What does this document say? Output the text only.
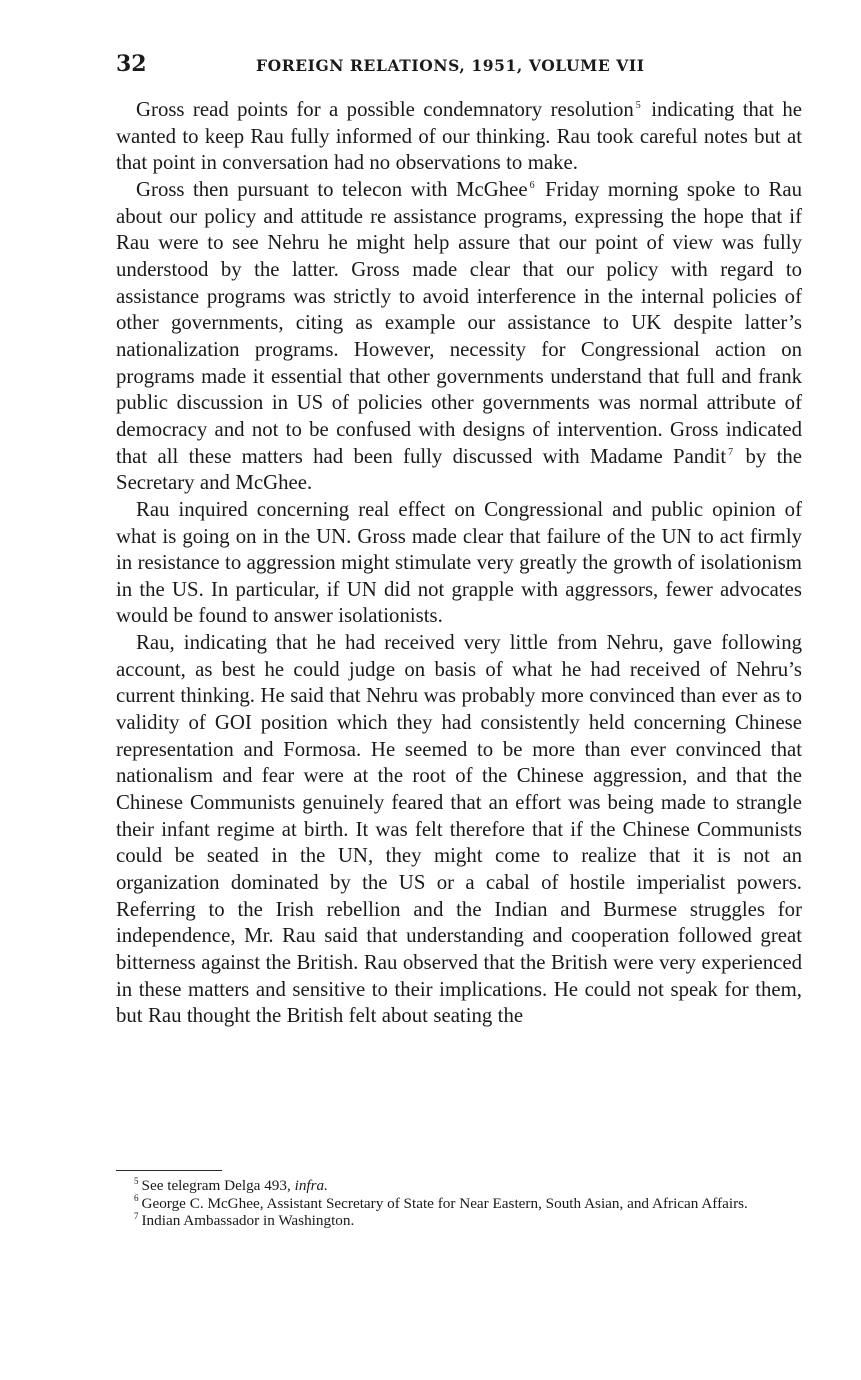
32	FOREIGN RELATIONS, 1951, VOLUME VII

Gross read points for a possible condemnatory resolution $^5$ indicating that he wanted to keep Rau fully informed of our thinking. Rau took careful notes but at that point in conversation had no observations to make.

Gross then pursuant to telecon with McGhee $^6$ Friday morning spoke to Rau about our policy and attitude re assistance programs, expressing the hope that if Rau were to see Nehru he might help assure that our point of view was fully understood by the latter. Gross made clear that our policy with regard to assistance programs was strictly to avoid interference in the internal policies of other governments, citing as example our assistance to UK despite latter’s nationalization programs. However, necessity for Congressional action on programs made it essential that other governments understand that full and frank public discussion in US of policies other governments was normal attribute of democracy and not to be confused with designs of intervention. Gross indicated that all these matters had been fully discussed with Madame Pandit $^7$ by the Secretary and McGhee.

Rau inquired concerning real effect on Congressional and public opinion of what is going on in the UN. Gross made clear that failure of the UN to act firmly in resistance to aggression might stimulate very greatly the growth of isolationism in the US. In particular, if UN did not grapple with aggressors, fewer advocates would be found to answer isolationists.

Rau, indicating that he had received very little from Nehru, gave following account, as best he could judge on basis of what he had received of Nehru’s current thinking. He said that Nehru was probably more convinced than ever as to validity of GOI position which they had consistently held concerning Chinese representation and Formosa. He seemed to be more than ever convinced that nationalism and fear were at the root of the Chinese aggression, and that the Chinese Communists genuinely feared that an effort was being made to strangle their infant regime at birth. It was felt therefore that if the Chinese Communists could be seated in the UN, they might come to realize that it is not an organization dominated by the US or a cabal of hostile imperialist powers. Referring to the Irish rebellion and the Indian and Burmese struggles for independence, Mr. Rau said that understanding and cooperation followed great bitterness against the British. Rau observed that the British were very experienced in these matters and sensitive to their implications. He could not speak for them, but Rau thought the British felt about seating the

$^5$ See telegram Delga 493, infra.

$^6$ George C. McGhee, Assistant Secretary of State for Near Eastern, South Asian, and African Affairs.

$^7$ Indian Ambassador in Washington.
